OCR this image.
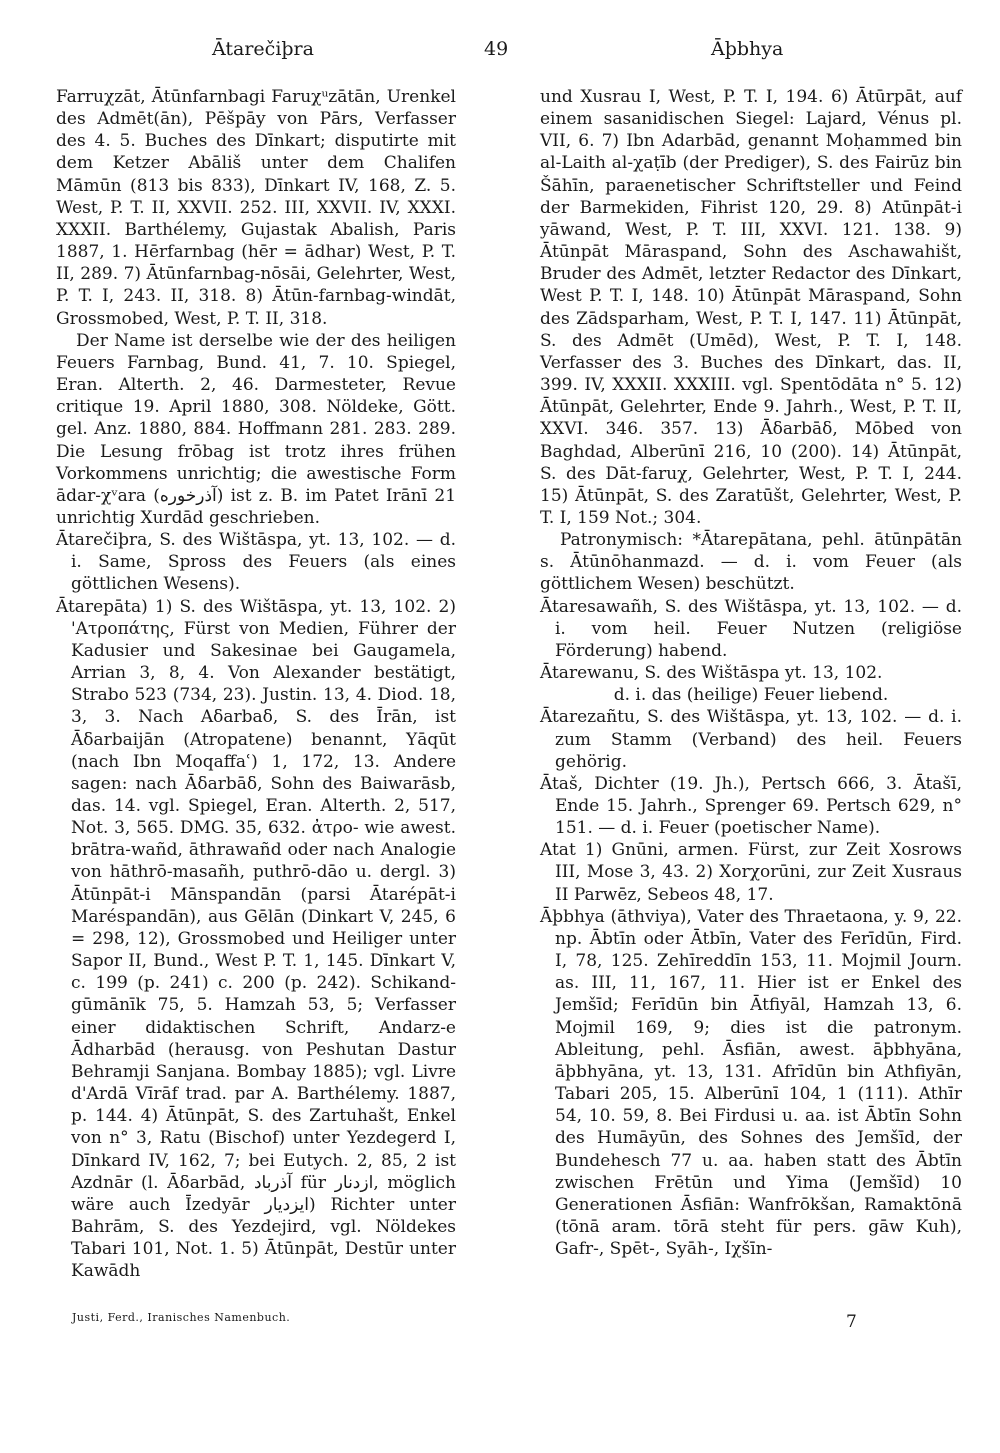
Ātarečiþra	49	Āþbhya
Farruχzāt, Ātūnfarnbagi Faruχᵘzātān, Urenkel des Admēt(ān), Pēšpāy von Pārs, Verfasser des 4. 5. Buches des Dīnkart; disputirte mit dem Ketzer Abāliš unter dem Chalifen Māmūn (813 bis 833), Dīnkart IV, 168, Z. 5. West, P. T. II, XXVII. 252. III, XXVII. IV, XXXI. XXXII. Barthélemy, Gujastak Abalish, Paris 1887, 1. Hērfarnbag (hēr = ādhar) West, P. T. II, 289. 7) Ātūnfarnbag-nōsāi, Gelehrter, West, P. T. I, 243. II, 318. 8) Ātūn-farnbag-windāt, Grossmobed, West, P. T. II, 318.
Der Name ist derselbe wie der des heiligen Feuers Farnbag, Bund. 41, 7. 10. Spiegel, Eran. Alterth. 2, 46. Darmesteter, Revue critique 19. April 1880, 308. Nöldeke, Gött. gel. Anz. 1880, 884. Hoffmann 281. 283. 289. Die Lesung frōbag ist trotz ihres frühen Vorkommens unrichtig; die awestische Form ādar-χᵛara (آذرخوره) ist z. B. im Patet Irānī 21 unrichtig Xurdād geschrieben.
Ātarečiþra, S. des Wištāspa, yt. 13, 102. — d. i. Same, Spross des Feuers (als eines göttlichen Wesens).
Ātarepāta) 1) S. des Wištāspa, yt. 13, 102. 2) 'Ατροπάτης, Fürst von Medien, Führer der Kadusier und Sakesinae bei Gaugamela, Arrian 3, 8, 4. Von Alexander bestätigt, Strabo 523 (734, 23). Justin. 13, 4. Diod. 18, 3, 3. Nach Aδarbaδ, S. des Īrān, ist Āδarbaijān (Atropatene) benannt, Yāqūt (nach Ibn Moqaffaʿ) 1, 172, 13. Andere sagen: nach Āδarbāδ, Sohn des Baiwarāsb, das. 14. vgl. Spiegel, Eran. Alterth. 2, 517, Not. 3, 565. DMG. 35, 632. ἀτρο- wie awest. brātra-wañd, āthrawañd oder nach Analogie von hāthrō-masañh, puthrō-dāo u. dergl. 3) Ātūnpāt-i Mānspandān (parsi Ātarépāt-i Maréspandān), aus Gēlān (Dinkart V, 245, 6 = 298, 12), Grossmobed und Heiliger unter Sapor II, Bund., West P. T. 1, 145. Dīnkart V, c. 199 (p. 241) c. 200 (p. 242). Schikand-gūmānīk 75, 5. Hamzah 53, 5; Verfasser einer didaktischen Schrift, Andarz-e Ādharbād (herausg. von Peshutan Dastur Behramji Sanjana. Bombay 1885); vgl. Livre d'Ardā Vīrāf trad. par A. Barthélemy. 1887, p. 144. 4) Ātūnpāt, S. des Zartuhašt, Enkel von n° 3, Ratu (Bischof) unter Yezdegerd I, Dīnkard IV, 162, 7; bei Eutych. 2, 85, 2 ist Azdnār (l. Āδarbād, آذرباد für ازدنار, möglich wäre auch Īzedyār ايزديار) Richter unter Bahrām, S. des Yezdejird, vgl. Nöldekes Tabari 101, Not. 1. 5) Ātūnpāt, Destūr unter Kawādh
und Xusrau I, West, P. T. I, 194. 6) Ātūrpāt, auf einem sasanidischen Siegel: Lajard, Vénus pl. VII, 6. 7) Ibn Adarbād, genannt Moḥammed bin al-Laith al-χaṭīb (der Prediger), S. des Fairūz bin Šāhīn, paraenetischer Schriftsteller und Feind der Barmekiden, Fihrist 120, 29. 8) Atūnpāt-i yāwand, West, P. T. III, XXVI. 121. 138. 9) Ātūnpāt Māraspand, Sohn des Aschawahišt, Bruder des Admēt, letzter Redactor des Dīnkart, West P. T. I, 148. 10) Ātūnpāt Māraspand, Sohn des Zādsparham, West, P. T. I, 147. 11) Ātūnpāt, S. des Admēt (Umēd), West, P. T. I, 148. Verfasser des 3. Buches des Dīnkart, das. II, 399. IV, XXXII. XXXIII. vgl. Spentōdāta n° 5. 12) Ātūnpāt, Gelehrter, Ende 9. Jahrh., West, P. T. II, XXVI. 346. 357. 13) Āδarbāδ, Mōbed von Baghdad, Alberūnī 216, 10 (200). 14) Ātūnpāt, S. des Dāt-faruχ, Gelehrter, West, P. T. I, 244. 15) Ātūnpāt, S. des Zaratūšt, Gelehrter, West, P. T. I, 159 Not.; 304.
Patronymisch: *Ātarepātana, pehl. ātūnpātān s. Ātūnōhanmazd. — d. i. vom Feuer (als göttlichem Wesen) beschützt.
Ātaresawañh, S. des Wištāspa, yt. 13, 102. — d. i. vom heil. Feuer Nutzen (religiöse Förderung) habend.
Ātarewanu, S. des Wištāspa yt. 13, 102.
d. i. das (heilige) Feuer liebend.
Ātarezañtu, S. des Wištāspa, yt. 13, 102. — d. i. zum Stamm (Verband) des heil. Feuers gehörig.
Ātaš, Dichter (19. Jh.), Pertsch 666, 3. Ātašī, Ende 15. Jahrh., Sprenger 69. Pertsch 629, n° 151. — d. i. Feuer (poetischer Name).
Atat 1) Gnūni, armen. Fürst, zur Zeit Xosrows III, Mose 3, 43. 2) Xorχorūni, zur Zeit Xusraus II Parwēz, Sebeos 48, 17.
Āþbhya (āthviya), Vater des Thraetaona, y. 9, 22. np. Ābtīn oder Ātbīn, Vater des Ferīdūn, Fird. I, 78, 125. Zehīreddīn 153, 11. Mojmil Journ. as. III, 11, 167, 11. Hier ist er Enkel des Jemšīd; Ferīdūn bin Ātfiyāl, Hamzah 13, 6. Mojmil 169, 9; dies ist die patronym. Ableitung, pehl. Āsfiān, awest. āþbhyāna, āþbhyāna, yt. 13, 131. Afrīdūn bin Athfiyān, Tabari 205, 15. Alberūnī 104, 1 (111). Athīr 54, 10. 59, 8. Bei Firdusi u. aa. ist Ābtīn Sohn des Humāyūn, des Sohnes des Jemšīd, der Bundehesch 77 u. aa. haben statt des Ābtīn zwischen Frētūn und Yima (Jemšīd) 10 Generationen Āsfiān: Wanfrōkšan, Ramaktōnā (tōnā aram. tōrā steht für pers. gāw Kuh), Gafr-, Spēt-, Syāh-, Iχšīn-
Justi, Ferd., Iranisches Namenbuch.	7
